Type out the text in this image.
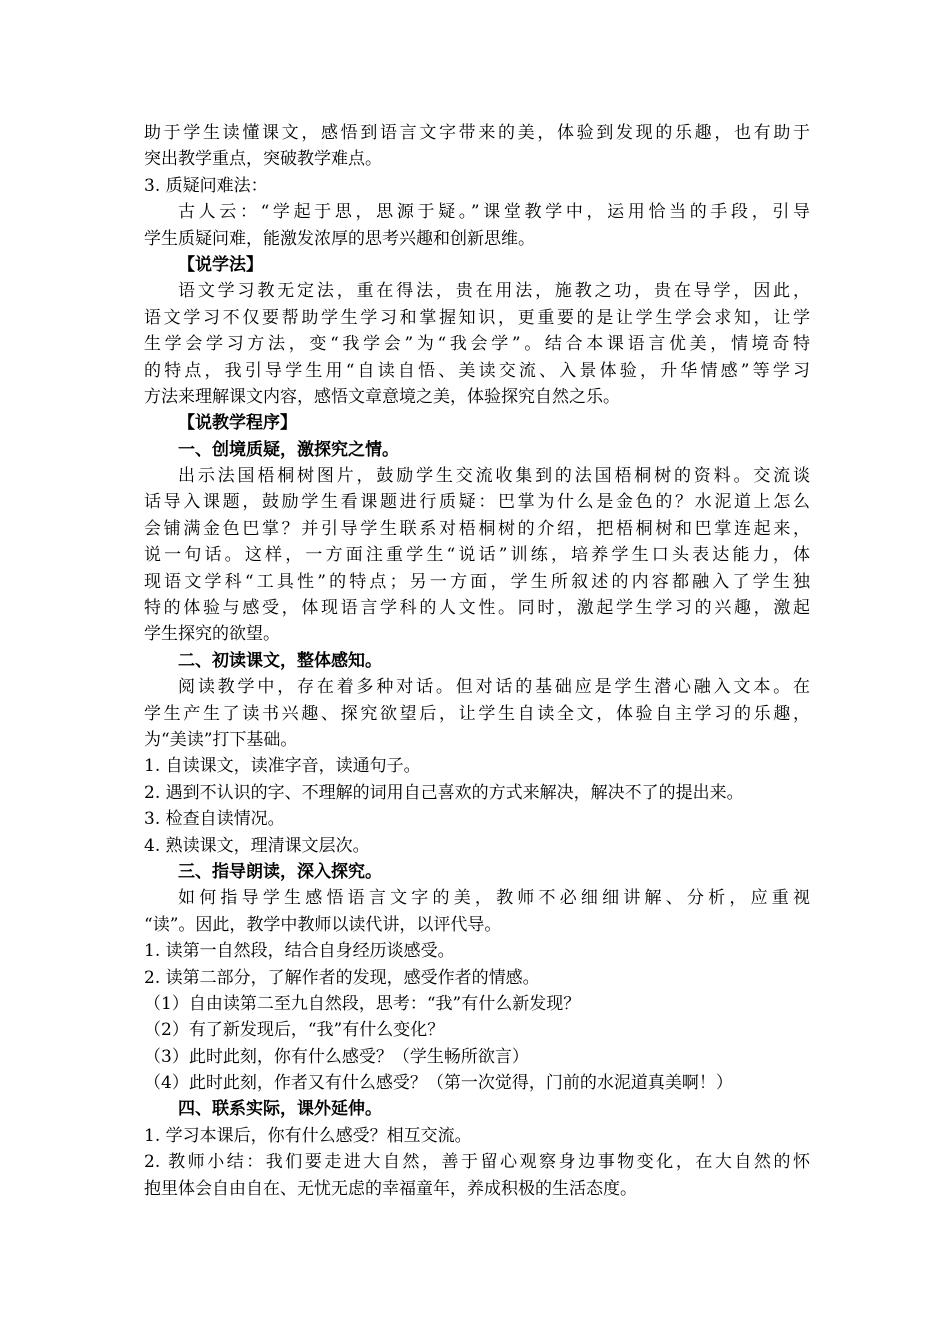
助于学生读懂课文，感悟到语言文字带来的美，体验到发现的乐趣，也有助于
突出教学重点，突破教学难点。
3. 质疑问难法：
古人云：“学起于思，思源于疑。”课堂教学中，运用恰当的手段，引导
学生质疑问难，能激发浓厚的思考兴趣和创新思维。
【说学法】
语文学习教无定法，重在得法，贵在用法，施教之功，贵在导学，因此，
语文学习不仅要帮助学生学习和掌握知识，更重要的是让学生学会求知，让学
生学会学习方法，变“我学会”为“我会学”。结合本课语言优美，情境奇特
的特点，我引导学生用“自读自悟、美读交流、入景体验，升华情感”等学习
方法来理解课文内容，感悟文章意境之美，体验探究自然之乐。
【说教学程序】
一、创境质疑，激探究之情。
出示法国梧桐树图片，鼓励学生交流收集到的法国梧桐树的资料。交流谈
话导入课题，鼓励学生看课题进行质疑：巴掌为什么是金色的？水泥道上怎么
会铺满金色巴掌？并引导学生联系对梧桐树的介绍，把梧桐树和巴掌连起来，
说一句话。这样，一方面注重学生“说话”训练，培养学生口头表达能力，体
现语文学科“工具性”的特点；另一方面，学生所叙述的内容都融入了学生独
特的体验与感受，体现语言学科的人文性。同时，激起学生学习的兴趣，激起
学生探究的欲望。
二、初读课文，整体感知。
阅读教学中，存在着多种对话。但对话的基础应是学生潜心融入文本。在
学生产生了读书兴趣、探究欲望后，让学生自读全文，体验自主学习的乐趣，
为“美读”打下基础。
1. 自读课文，读准字音，读通句子。
2. 遇到不认识的字、不理解的词用自己喜欢的方式来解决，解决不了的提出来。
3. 检查自读情况。
4. 熟读课文，理清课文层次。
三、指导朗读，深入探究。
如何指导学生感悟语言文字的美，教师不必细细讲解、分析，应重视
“读”。因此，教学中教师以读代讲，以评代导。
1. 读第一自然段，结合自身经历谈感受。
2. 读第二部分，了解作者的发现，感受作者的情感。
（1）自由读第二至九自然段，思考：“我”有什么新发现？
（2）有了新发现后，“我”有什么变化？
（3）此时此刻，你有什么感受？（学生畅所欲言）
（4）此时此刻，作者又有什么感受？（第一次觉得，门前的水泥道真美啊！）
四、联系实际，课外延伸。
1. 学习本课后，你有什么感受？相互交流。
2. 教师小结：我们要走进大自然，善于留心观察身边事物变化，在大自然的怀
抱里体会自由自在、无忧无虑的幸福童年，养成积极的生活态度。
